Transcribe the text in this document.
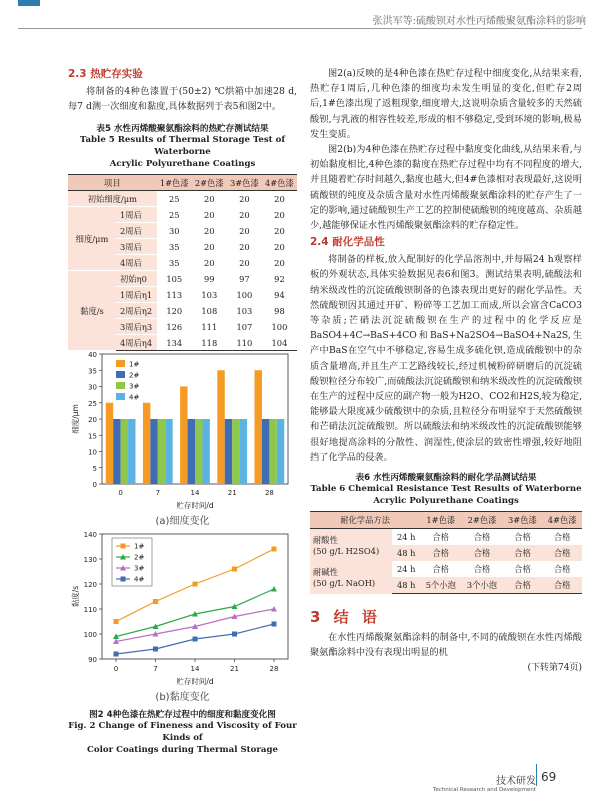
张洪军等:硫酸钡对水性丙烯酸聚氨酯涂料的影响
2.3 热贮存实验

将制备的4种色漆置于(50±2) ℃烘箱中加速28 d,每7 d测一次细度和黏度,具体数据列于表5和图2中。

表5 水性丙烯酸聚氨酯涂料的热贮存测试结果
Table 5 Results of Thermal Storage Test of Waterborne
Acrylic Polyurethane Coatings
项目		1#色漆	2#色漆	3#色漆	4#色漆
初始细度/μm		25	20	20	20
细度/μm	1周后	25	20	20	20
	2周后	30	20	20	20
	3周后	35	20	20	20
	4周后	35	20	20	20
黏度/s	初始η0	105	99	97	92
	1周后η1	113	103	100	94
	2周后η2	120	108	103	98
	3周后η3	126	111	107	100
	4周后η4	134	118	110	104
0
5
10
15
20
25
30
35
40
0	7	14	21	28
贮存时间/d
细度/μm
1#
2#
3#
4#
(a)细度变化
90
100
110
120
130
140
0	7	14	21	28
贮存时间/d
黏度/s
1#
2#
3#
4#
(b)黏度变化
图2 4种色漆在热贮存过程中的细度和黏度变化图
Fig. 2 Change of Fineness and Viscosity of Four Kinds of
Color Coatings during Thermal Storage

图2(a)反映的是4种色漆在热贮存过程中细度变化,从结果来看,热贮存1周后,几种色漆的细度均未发生明显的变化,但贮存2周后,1#色漆出现了返粗现象,细度增大,这说明杂质含量较多的天然硫酸钡,与乳液的相容性较差,形成的相不够稳定,受到环境的影响,极易发生变质。

图2(b)为4种色漆在热贮存过程中黏度变化曲线,从结果来看,与初始黏度相比,4种色漆的黏度在热贮存过程中均有不同程度的增大,并且随着贮存时间越久,黏度也越大,但4#色漆相对表现最好,这说明硫酸钡的纯度及杂质含量对水性丙烯酸聚氨酯涂料的贮存产生了一定的影响,通过硫酸钡生产工艺的控制使硫酸钡的纯度越高、杂质越少,越能够保证水性丙烯酸聚氨酯涂料的贮存稳定性。

2.4 耐化学品性

将制备的样板,放入配制好的化学品溶剂中,并每隔24 h观察样板的外观状态,具体实验数据见表6和图3。测试结果表明,硫酸法和纳米级改性的沉淀硫酸钡制备的色漆表现出更好的耐化学品性。天然硫酸钡因其通过开矿、粉碎等工艺加工而成,所以会富含CaCO3等杂质;芒硝法沉淀硫酸钡在生产的过程中的化学反应是BaSO4+4C→BaS+4CO和BaS+Na2SO4→BaSO4+Na2S,生产中BaS在空气中不够稳定,容易生成多硫化钡,造成硫酸钡中的杂质含量增高,并且生产工艺路线较长,经过机械粉碎研磨后的沉淀硫酸钡粒径分布较广,而硫酸法沉淀硫酸钡和纳米级改性的沉淀硫酸钡在生产的过程中反应的副产物一般为H2O、CO2和H2S,较为稳定,能够最大限度减少硫酸钡中的杂质,且粒径分布明显窄于天然硫酸钡和芒硝法沉淀硫酸钡。所以硫酸法和纳米级改性的沉淀硫酸钡能够很好地提高涂料的分散性、润湿性,使涂层的致密性增强,较好地阻挡了化学品的侵袭。

表6 水性丙烯酸聚氨酯涂料的耐化学品测试结果
Table 6 Chemical Resistance Test Results of Waterborne
Acrylic Polyurethane Coatings
耐化学品方法		1#色漆	2#色漆	3#色漆	4#色漆

耐酸性
(50 g/L H2SO4)	24 h	合格	合格	合格	合格
	48 h	合格	合格	合格	合格

耐碱性
(50 g/L NaOH)	24 h	合格	合格	合格	合格
	48 h	5个小泡	3个小泡	合格	合格
3 结 语

在水性丙烯酸聚氨酯涂料的制备中,不同的硫酸钡在水性丙烯酸聚氨酯涂料中没有表现出明显的机

(下转第74页)
技术研发
Technical Research and Development
69
